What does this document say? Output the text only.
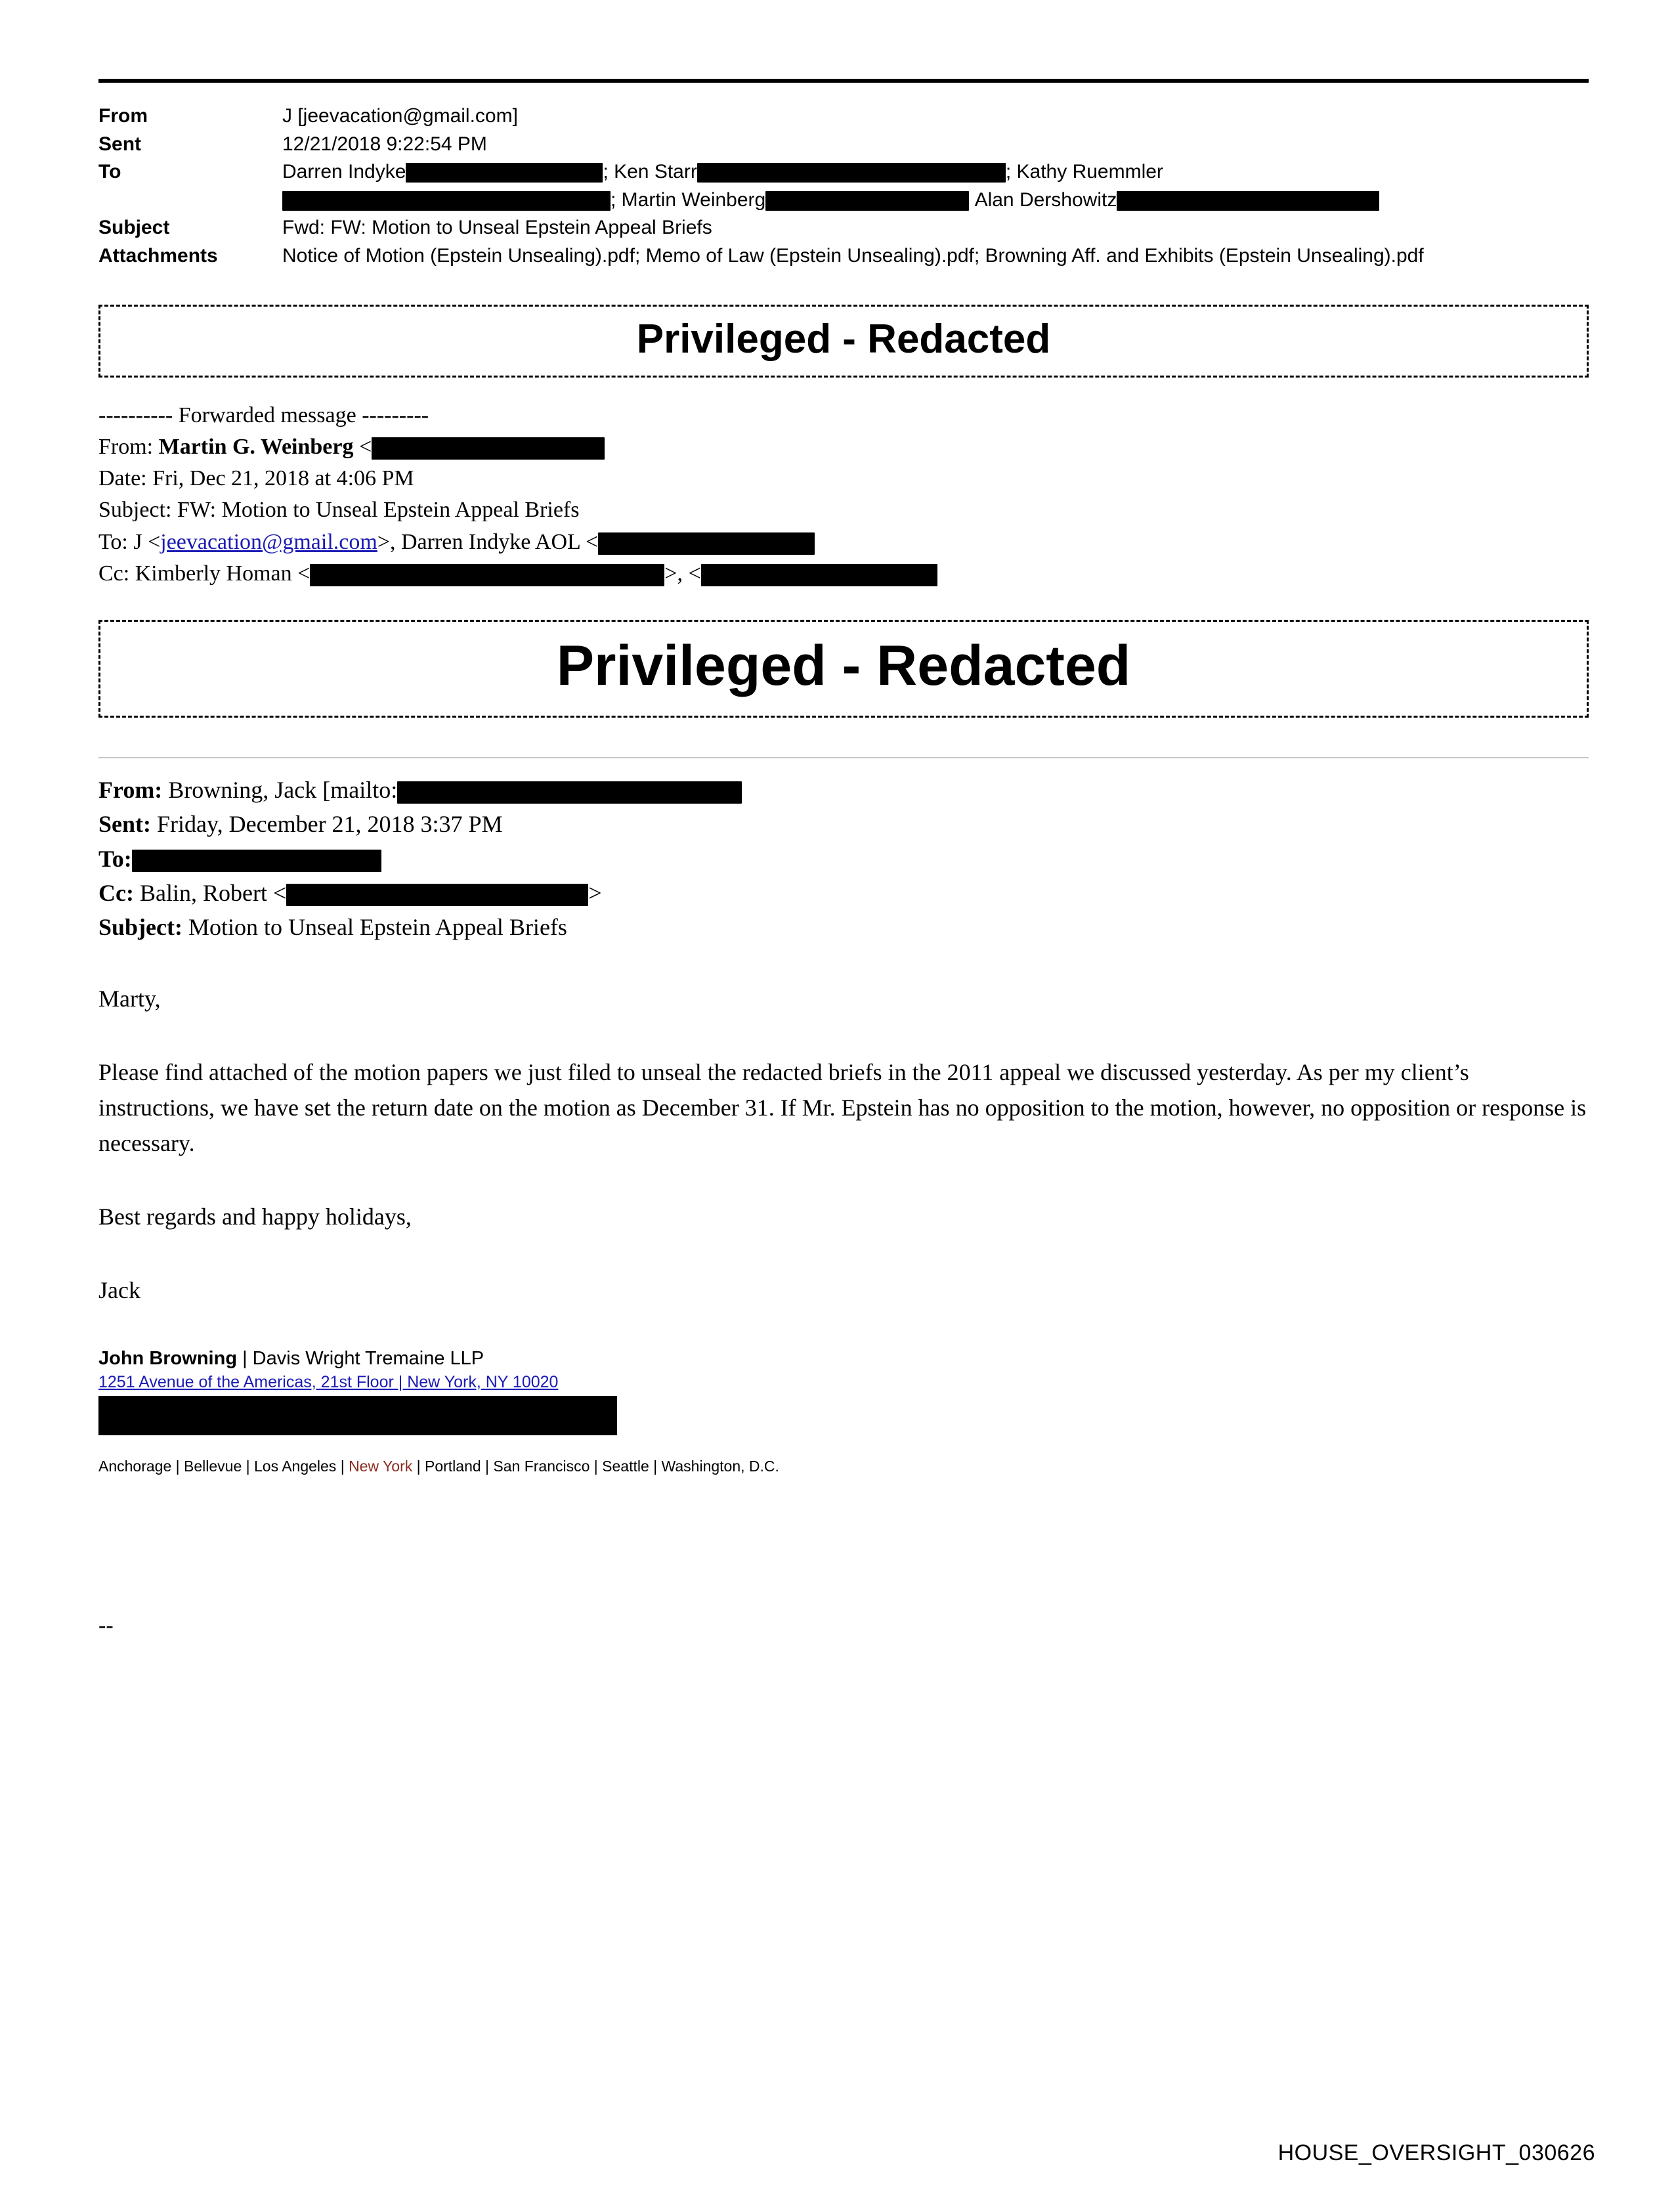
From	J [jeevacation@gmail.com]
Sent	12/21/2018 9:22:54 PM
To	Darren Indyke	; Ken Starr	; Kathy Ruemmler
; Martin Weinberg	Alan Dershowitz
Subject	Fwd: FW: Motion to Unseal Epstein Appeal Briefs
Attachments	Notice of Motion (Epstein Unsealing).pdf; Memo of Law (Epstein Unsealing).pdf; Browning Aff. and Exhibits (Epstein Unsealing).pdf
Privileged - Redacted
---------- Forwarded message ---------
From: Martin G. Weinberg <
Date: Fri, Dec 21, 2018 at 4:06 PM
Subject: FW: Motion to Unseal Epstein Appeal Briefs
To: J <jeevacation@gmail.com>, Darren Indyke AOL <
Cc: Kimberly Homan <	>, <
Privileged - Redacted
From: Browning, Jack [mailto:
Sent: Friday, December 21, 2018 3:37 PM
To:
Cc: Balin, Robert <	>
Subject: Motion to Unseal Epstein Appeal Briefs

Marty,

Please find attached of the motion papers we just filed to unseal the redacted briefs in the 2011 appeal we discussed yesterday. As per my client’s instructions, we have set the return date on the motion as December 31. If Mr. Epstein has no opposition to the motion, however, no opposition or response is necessary.

Best regards and happy holidays,

Jack

John Browning | Davis Wright Tremaine LLP
1251 Avenue of the Americas, 21st Floor | New York, NY 10020
Anchorage | Bellevue | Los Angeles | New York | Portland | San Francisco | Seattle | Washington, D.C.
--
HOUSE_OVERSIGHT_030626
